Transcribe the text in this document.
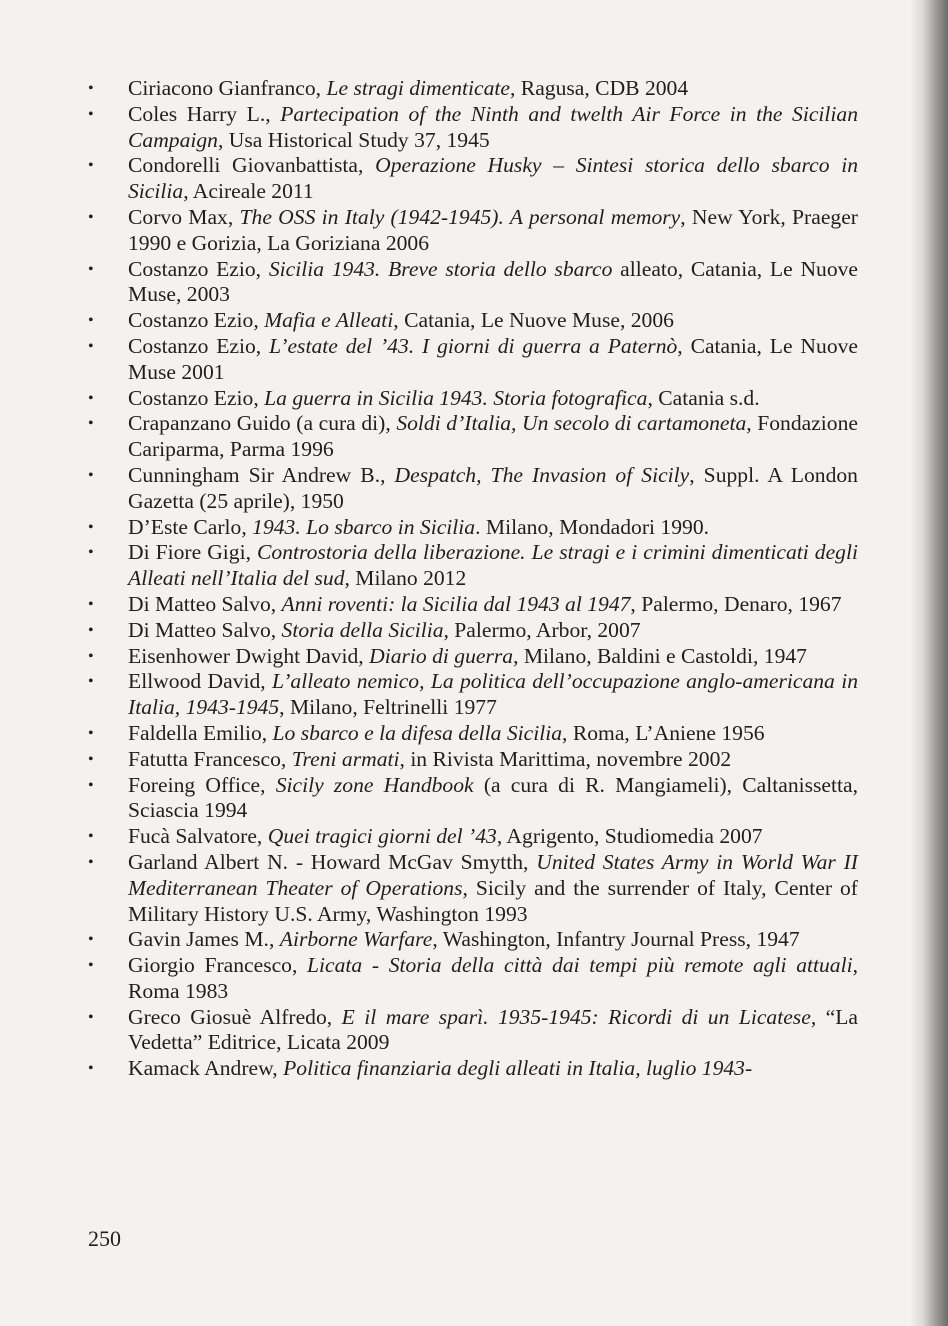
• Ciriacono Gianfranco, Le stragi dimenticate, Ragusa, CDB 2004
• Coles Harry L., Partecipation of the Ninth and twelth Air Force in the Sicilian Campaign, Usa Historical Study 37, 1945
• Condorelli Giovanbattista, Operazione Husky – Sintesi storica dello sbarco in Sicilia, Acireale 2011
• Corvo Max, The OSS in Italy (1942-1945). A personal memory, New York, Praeger 1990 e Gorizia, La Goriziana 2006
• Costanzo Ezio, Sicilia 1943. Breve storia dello sbarco alleato, Catania, Le Nuove Muse, 2003
• Costanzo Ezio, Mafia e Alleati, Catania, Le Nuove Muse, 2006
• Costanzo Ezio, L’estate del ’43. I giorni di guerra a Paternò, Catania, Le Nuove Muse 2001
• Costanzo Ezio, La guerra in Sicilia 1943. Storia fotografica, Catania s.d.
• Crapanzano Guido (a cura di), Soldi d’Italia, Un secolo di cartamoneta, Fondazione Cariparma, Parma 1996
• Cunningham Sir Andrew B., Despatch, The Invasion of Sicily, Suppl. A London Gazetta (25 aprile), 1950
• D’Este Carlo, 1943. Lo sbarco in Sicilia. Milano, Mondadori 1990.
• Di Fiore Gigi, Controstoria della liberazione. Le stragi e i crimini dimenticati degli Alleati nell’Italia del sud, Milano 2012
• Di Matteo Salvo, Anni roventi: la Sicilia dal 1943 al 1947, Palermo, Denaro, 1967
• Di Matteo Salvo, Storia della Sicilia, Palermo, Arbor, 2007
• Eisenhower Dwight David, Diario di guerra, Milano, Baldini e Castoldi, 1947
• Ellwood David, L’alleato nemico, La politica dell’occupazione anglo-americana in Italia, 1943-1945, Milano, Feltrinelli 1977
• Faldella Emilio, Lo sbarco e la difesa della Sicilia, Roma, L’Aniene 1956
• Fatutta Francesco, Treni armati, in Rivista Marittima, novembre 2002
• Foreing Office, Sicily zone Handbook (a cura di R. Mangiameli), Caltanissetta, Sciascia 1994
• Fucà Salvatore, Quei tragici giorni del ’43, Agrigento, Studiomedia 2007
• Garland Albert N. - Howard McGav Smytth, United States Army in World War II Mediterranean Theater of Operations, Sicily and the surrender of Italy, Center of Military History U.S. Army, Washington 1993
• Gavin James M., Airborne Warfare, Washington, Infantry Journal Press, 1947
• Giorgio Francesco, Licata - Storia della città dai tempi più remote agli attuali, Roma 1983
• Greco Giosuè Alfredo, E il mare sparì. 1935-1945: Ricordi di un Licatese, “La Vedetta” Editrice, Licata 2009
• Kamack Andrew, Politica finanziaria degli alleati in Italia, luglio 1943-
250
